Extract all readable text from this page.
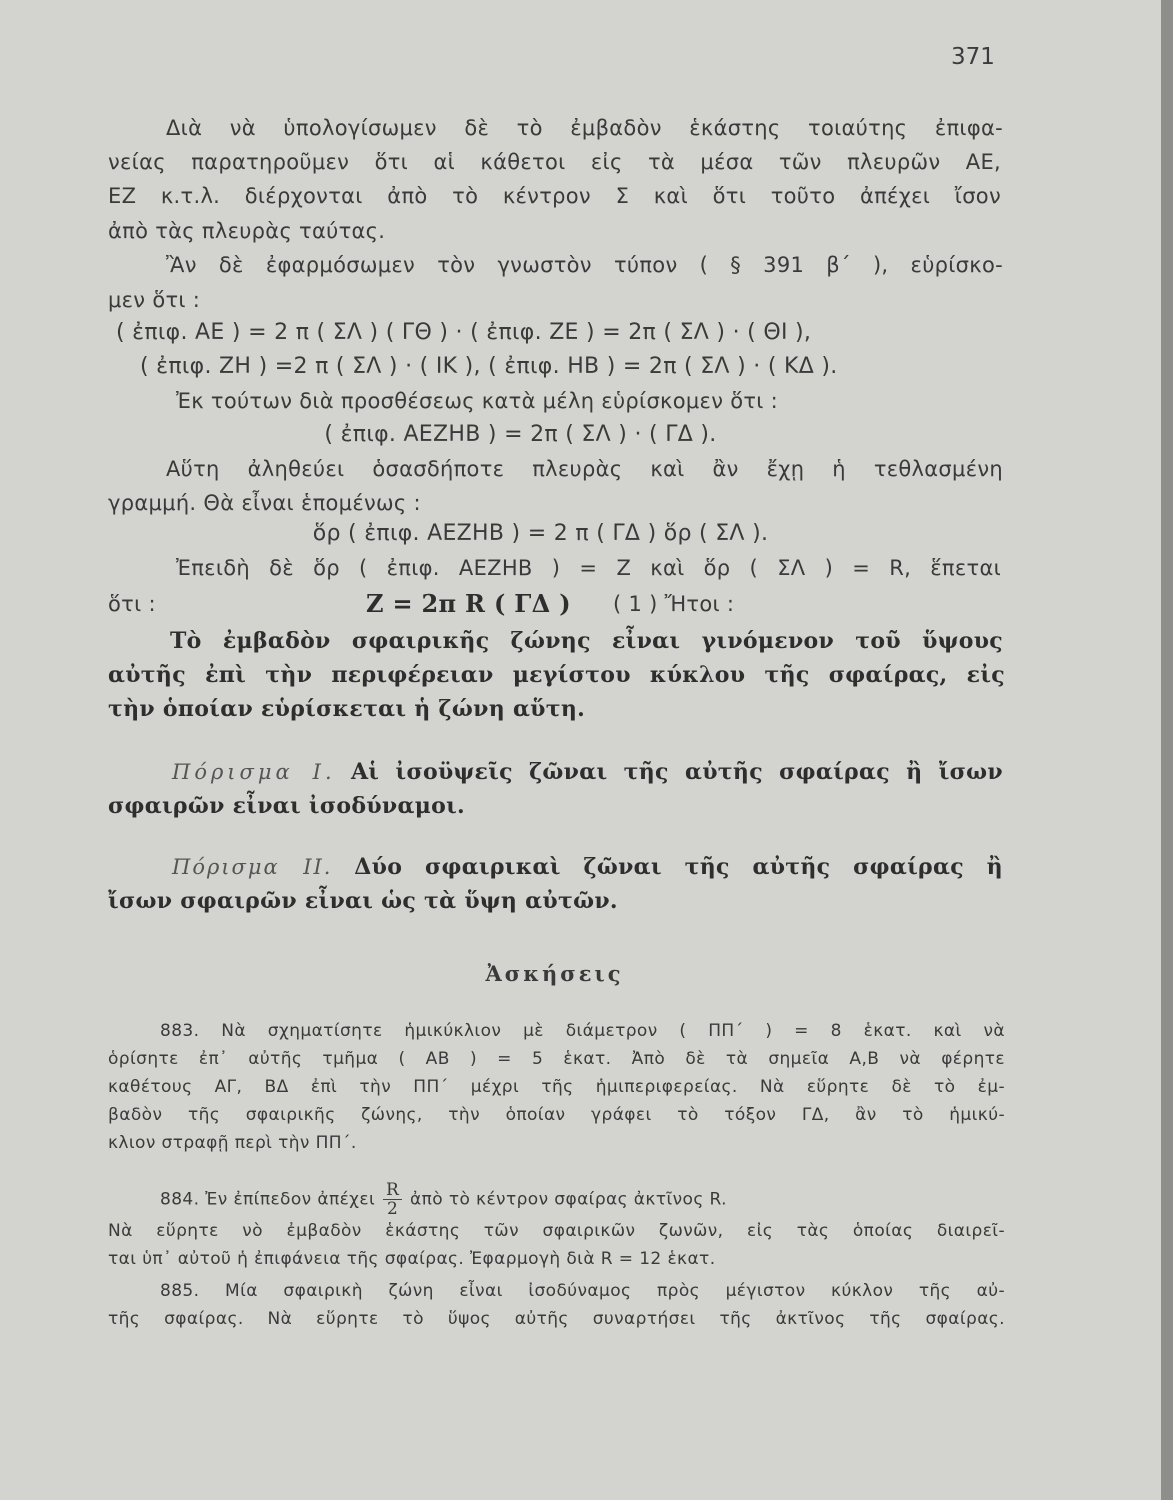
371
Διὰ νὰ ὑπολογίσωμεν δὲ τὸ ἐμβαδὸν ἑκάστης τοιαύτης ἐπιφα-
νείας παρατηροῦμεν ὅτι αἱ κάθετοι εἰς τὰ μέσα τῶν πλευρῶν ΑΕ,
ΕΖ κ.τ.λ. διέρχονται ἀπὸ τὸ κέντρον Σ καὶ ὅτι τοῦτο ἀπέχει ἴσον
ἀπὸ τὰς πλευρὰς ταύτας.
Ἂν δὲ ἐφαρμόσωμεν τὸν γνωστὸν τύπον ( § 391 β΄ ), εὑρίσκο-
μεν ὅτι :
( ἐπιφ. ΑΕ ) = 2 π ( ΣΛ ) ( ΓΘ ) · ( ἐπιφ. ΖΕ ) = 2π ( ΣΛ ) · ( ΘΙ ),
( ἐπιφ. ΖΗ ) =2 π ( ΣΛ ) · ( ΙΚ ), ( ἐπιφ. ΗΒ ) = 2π ( ΣΛ ) · ( ΚΔ ).
Ἐκ τούτων διὰ προσθέσεως κατὰ μέλη εὑρίσκομεν ὅτι :
( ἐπιφ. ΑΕΖΗΒ ) = 2π ( ΣΛ ) · ( ΓΔ ).
Αὕτη ἀληθεύει ὁσασδήποτε πλευρὰς καὶ ἂν ἔχῃ ἡ τεθλασμένη
γραμμή. Θὰ εἶναι ἑπομένως :
ὅρ ( ἐπιφ. ΑΕΖΗΒ ) = 2 π ( ΓΔ ) ὅρ ( ΣΛ ).
Ἐπειδὴ δὲ ὅρ ( ἐπιφ. ΑΕΖΗΒ ) = Ζ καὶ ὅρ ( ΣΛ ) = R, ἕπεται
ὅτι :	Ζ = 2π R ( ΓΔ ) ( 1 ) Ἤτοι :
Τὸ ἐμβαδὸν σφαιρικῆς ζώνης εἶναι γινόμενον τοῦ ὕψους
αὐτῆς ἐπὶ τὴν περιφέρειαν μεγίστου κύκλου τῆς σφαίρας, εἰς
τὴν ὁποίαν εὑρίσκεται ἡ ζώνη αὕτη.
Πόρισμα Ι. Αἱ ἰσοϋψεῖς ζῶναι τῆς αὐτῆς σφαίρας ἢ ἴσων
σφαιρῶν εἶναι ἰσοδύναμοι.
Πόρισμα ΙΙ. Δύο σφαιρικαὶ ζῶναι τῆς αὐτῆς σφαίρας ἢ
ἴσων σφαιρῶν εἶναι ὡς τὰ ὕψη αὐτῶν.
Ἀσκήσεις
883. Νὰ σχηματίσητε ἡμικύκλιον μὲ διάμετρον ( ΠΠ΄ ) = 8 ἑκατ. καὶ νὰ
ὁρίσητε ἐπ᾽ αὐτῆς τμῆμα ( ΑΒ ) = 5 ἑκατ. Ἀπὸ δὲ τὰ σημεῖα Α,Β νὰ φέρητε
καθέτους ΑΓ, ΒΔ ἐπὶ τὴν ΠΠ΄ μέχρι τῆς ἡμιπεριφερείας. Νὰ εὕρητε δὲ τὸ ἐμ-
βαδὸν τῆς σφαιρικῆς ζώνης, τὴν ὁποίαν γράφει τὸ τόξον ΓΔ, ἂν τὸ ἡμικύ-
κλιον στραφῇ περὶ τὴν ΠΠ΄.
884. Ἐν ἐπίπεδον ἀπέχει $\frac{R}{2}$ ἀπὸ τὸ κέντρον σφαίρας ἀκτῖνος R.
Νὰ εὕρητε νὸ ἐμβαδὸν ἑκάστης τῶν σφαιρικῶν ζωνῶν, εἰς τὰς ὁποίας διαιρεῖ-
ται ὑπ᾽ αὐτοῦ ἡ ἐπιφάνεια τῆς σφαίρας. Ἐφαρμογὴ διὰ R = 12 ἑκατ.
885. Μία σφαιρικὴ ζώνη εἶναι ἰσοδύναμος πρὸς μέγιστον κύκλον τῆς αὐ-
τῆς σφαίρας. Νὰ εὕρητε τὸ ὕψος αὐτῆς συναρτήσει τῆς ἀκτῖνος τῆς σφαίρας.
